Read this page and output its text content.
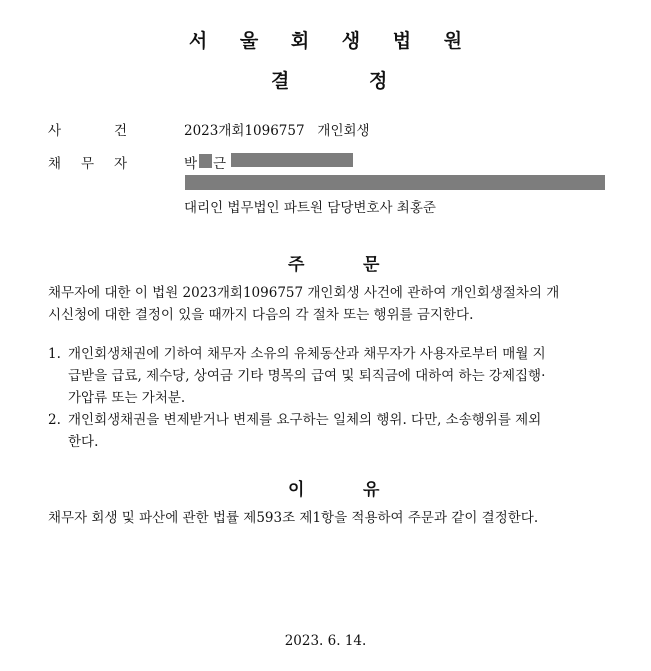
서 울 회 생 법 원
결	정
사	건	2023개회1096757   개인회생
채 무 자	박 근
대리인 법무법인 파트원 담당변호사 최홍준
주	문
채무자에 대한 이 법원 2023개회1096757 개인회생 사건에 관하여 개인회생절차의 개
시신청에 대한 결정이 있을 때까지 다음의 각 절차 또는 행위를 금지한다.
1. 개인회생채권에 기하여 채무자 소유의 유체동산과 채무자가 사용자로부터 매월 지
급받을 급료, 제수당, 상여금 기타 명목의 급여 및 퇴직금에 대하여 하는 강제집행·
가압류 또는 가처분.
2. 개인회생채권을 변제받거나 변제를 요구하는 일체의 행위. 다만, 소송행위를 제외
한다.
이	유
채무자 회생 및 파산에 관한 법률 제593조 제1항을 적용하여 주문과 같이 결정한다.
2023. 6. 14.
